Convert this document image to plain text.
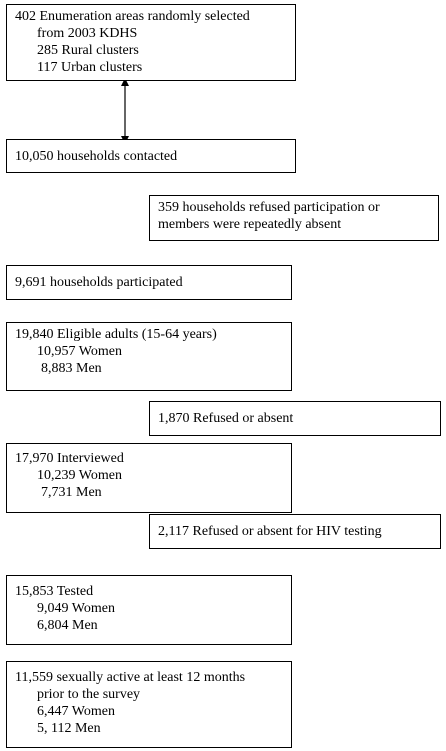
402 Enumeration areas randomly selected
from 2003 KDHS
285 Rural clusters
117 Urban clusters
10,050 households contacted
359 households refused participation or
members were repeatedly absent
9,691 households participated
19,840 Eligible adults (15-64 years)
10,957 Women
8,883 Men
1,870 Refused or absent
17,970 Interviewed
10,239 Women
7,731 Men
2,117 Refused or absent for HIV testing
15,853 Tested
9,049 Women
6,804 Men
11,559 sexually active at least 12 months
prior to the survey
6,447 Women
5, 112 Men
